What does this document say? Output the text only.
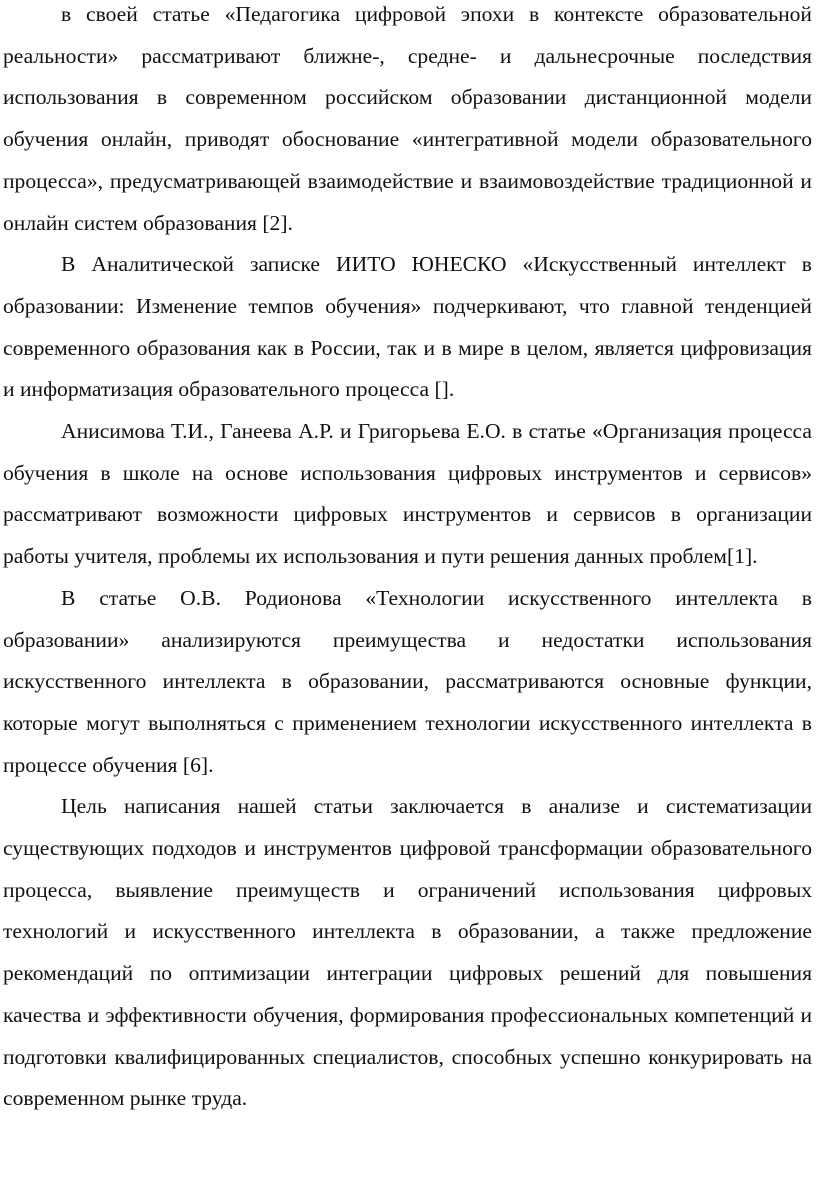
в своей статье «Педагогика цифровой эпохи в контексте образовательной реальности» рассматривают ближне-, средне- и дальнесрочные последствия использования в современном российском образовании дистанционной модели обучения онлайн, приводят обоснование «интегративной модели образовательного процесса», предусматривающей взаимодействие и взаимовоздействие традиционной и онлайн систем образования [2].

В Аналитической записке ИИТО ЮНЕСКО «Искусственный интеллект в образовании: Изменение темпов обучения» подчеркивают, что главной тенденцией современного образования как в России, так и в мире в целом, является цифровизация и информатизация образовательного процесса [].

Анисимова Т.И., Ганеева А.Р. и Григорьева Е.О. в статье «Организация процесса обучения в школе на основе использования цифровых инструментов и сервисов» рассматривают возможности цифровых инструментов и сервисов в организации работы учителя, проблемы их использования и пути решения данных проблем[1].

В статье О.В. Родионова «Технологии искусственного интеллекта в образовании» анализируются преимущества и недостатки использования искусственного интеллекта в образовании, рассматриваются основные функции, которые могут выполняться с применением технологии искусственного интеллекта в процессе обучения [6].

Цель написания нашей статьи заключается в анализе и систематизации существующих подходов и инструментов цифровой трансформации образовательного процесса, выявление преимуществ и ограничений использования цифровых технологий и искусственного интеллекта в образовании, а также предложение рекомендаций по оптимизации интеграции цифровых решений для повышения качества и эффективности обучения, формирования профессиональных компетенций и подготовки квалифицированных специалистов, способных успешно конкурировать на современном рынке труда.
